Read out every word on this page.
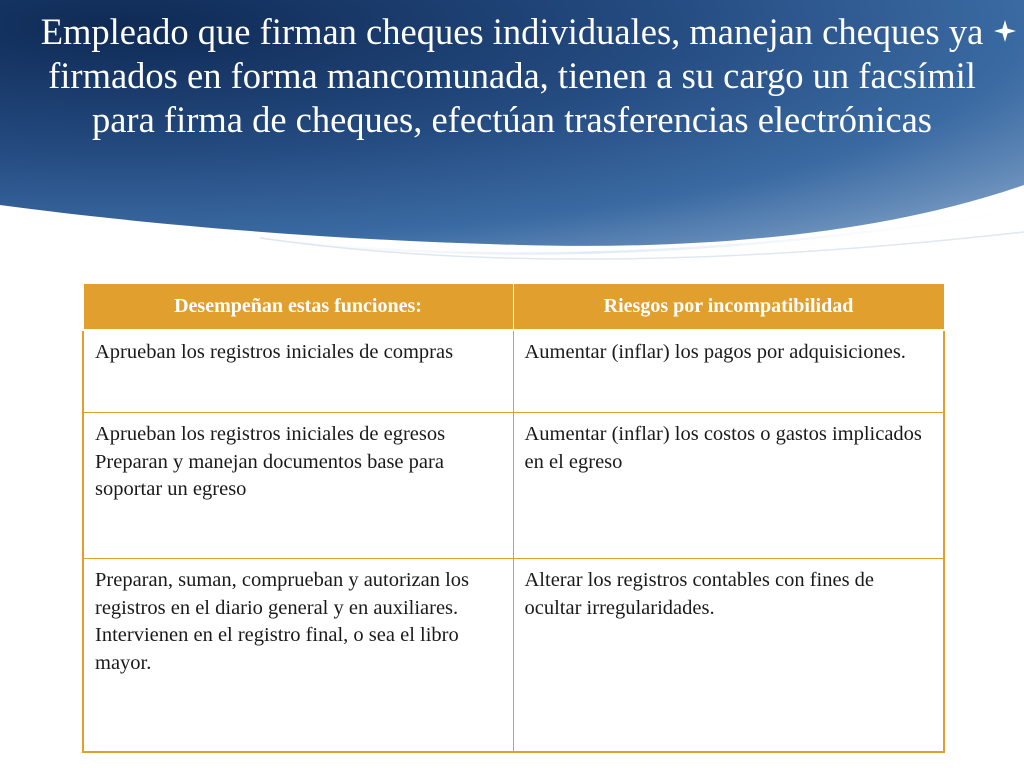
Empleado que firman cheques individuales, manejan cheques ya firmados en forma mancomunada, tienen a su cargo un facsímil para firma de cheques, efectúan trasferencias electrónicas
Desempeñan estas funciones:	Riesgos por incompatibilidad
Aprueban los registros iniciales de compras	Aumentar (inflar) los pagos por adquisiciones.
Aprueban los registros iniciales de egresos
Preparan y manejan documentos base para soportar un egreso	Aumentar (inflar) los costos o gastos implicados en el egreso
Preparan, suman, comprueban y autorizan los registros en el diario general y en auxiliares.
Intervienen en el registro final, o sea el libro mayor.	Alterar los registros contables con fines de ocultar irregularidades.
